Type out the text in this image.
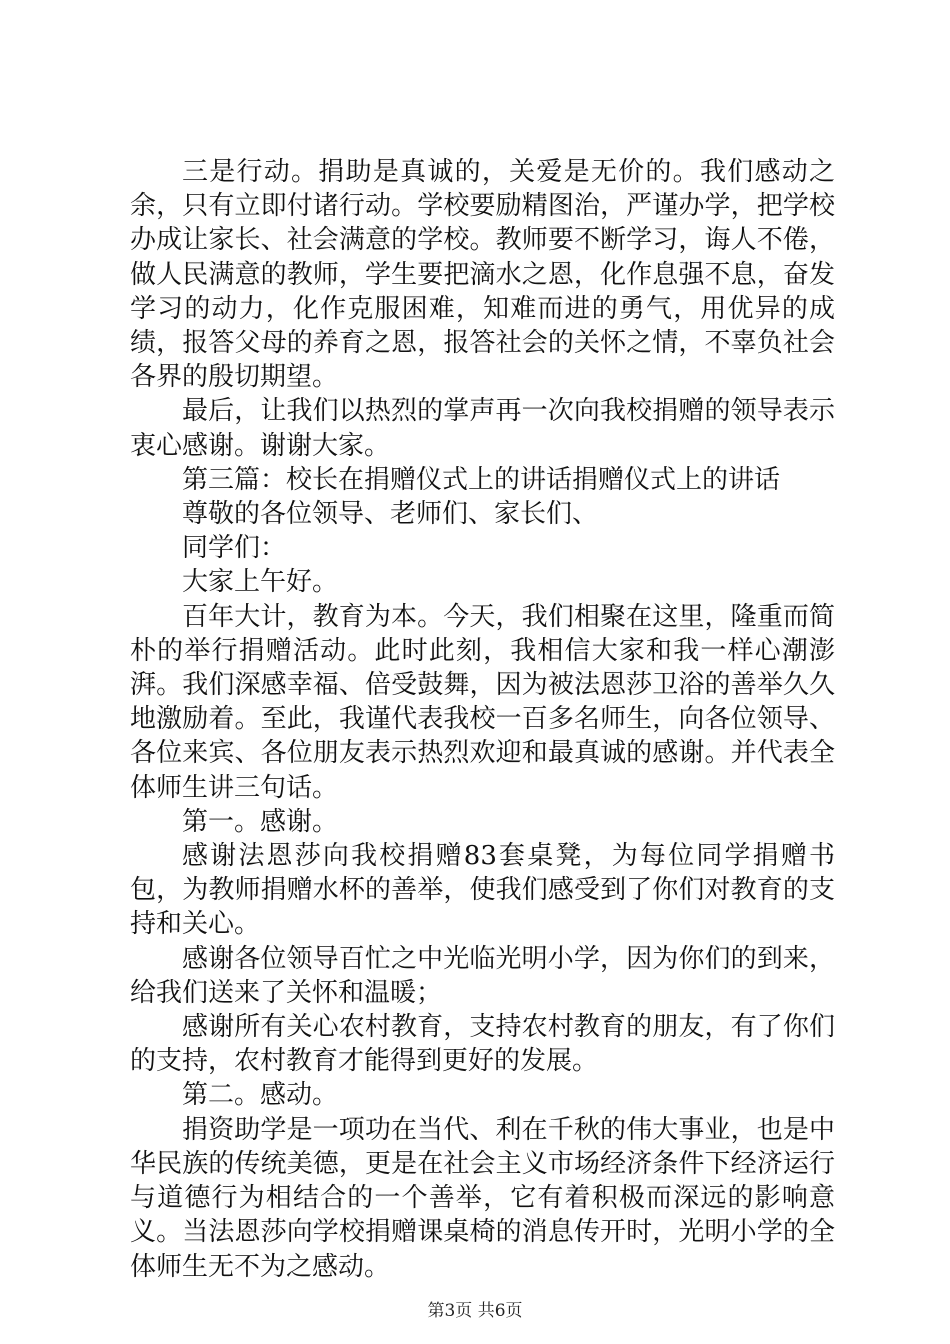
三是行动。捐助是真诚的，关爱是无价的。我们感动之余，只有立即付诸行动。学校要励精图治，严谨办学，把学校办成让家长、社会满意的学校。教师要不断学习，诲人不倦，做人民满意的教师，学生要把滴水之恩，化作息强不息，奋发学习的动力，化作克服困难，知难而进的勇气，用优异的成绩，报答父母的养育之恩，报答社会的关怀之情，不辜负社会各界的殷切期望。

最后，让我们以热烈的掌声再一次向我校捐赠的领导表示衷心感谢。谢谢大家。

第三篇：校长在捐赠仪式上的讲话捐赠仪式上的讲话

尊敬的各位领导、老师们、家长们、

同学们：

大家上午好。

百年大计，教育为本。今天，我们相聚在这里，隆重而简朴的举行捐赠活动。此时此刻，我相信大家和我一样心潮澎湃。我们深感幸福、倍受鼓舞，因为被法恩莎卫浴的善举久久地激励着。至此，我谨代表我校一百多名师生，向各位领导、各位来宾、各位朋友表示热烈欢迎和最真诚的感谢。并代表全体师生讲三句话。

第一。感谢。

感谢法恩莎向我校捐赠83套桌凳，为每位同学捐赠书包，为教师捐赠水杯的善举，使我们感受到了你们对教育的支持和关心。

感谢各位领导百忙之中光临光明小学，因为你们的到来，给我们送来了关怀和温暖；

感谢所有关心农村教育，支持农村教育的朋友，有了你们的支持，农村教育才能得到更好的发展。

第二。感动。

捐资助学是一项功在当代、利在千秋的伟大事业，也是中华民族的传统美德，更是在社会主义市场经济条件下经济运行与道德行为相结合的一个善举，它有着积极而深远的影响意义。当法恩莎向学校捐赠课桌椅的消息传开时，光明小学的全体师生无不为之感动。

第3页 共6页
